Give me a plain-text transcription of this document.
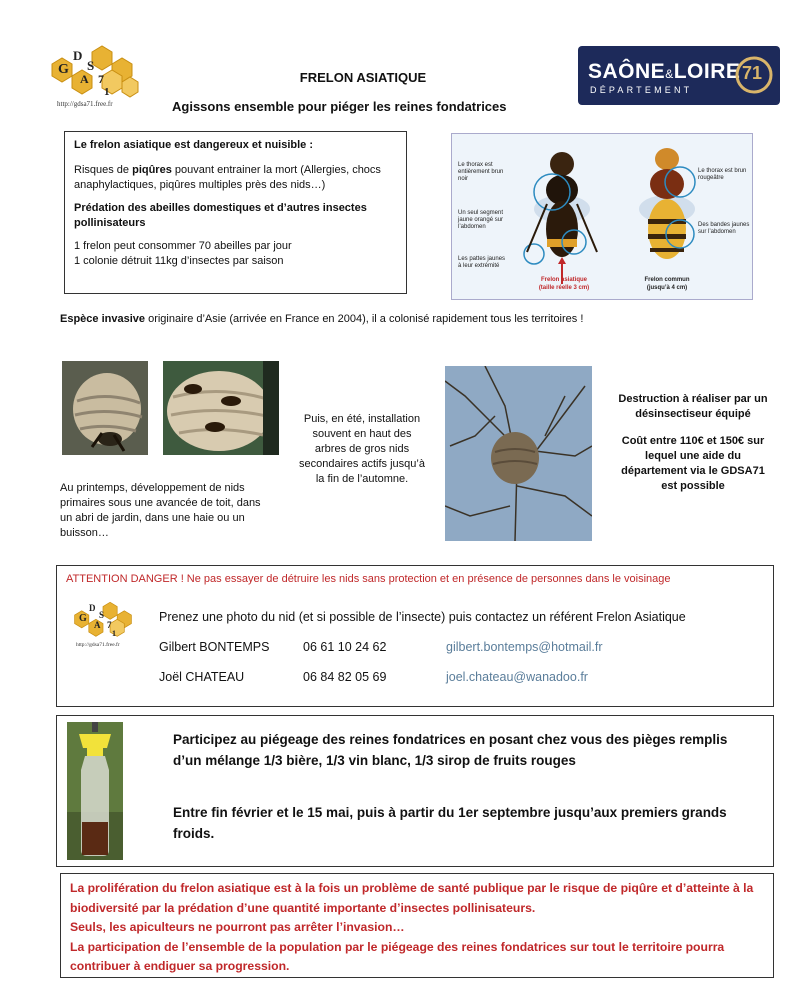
G
D
S
A 7
1
http://gdsa71.free.fr
SAÔNE&LOIRE
DÉPARTEMENT
71
FRELON ASIATIQUE
Agissons ensemble pour piéger les reines fondatrices

Le frelon asiatique est dangereux et nuisible :

Risques de piqûres pouvant entrainer la mort (Allergies, chocs anaphylactiques, piqûres multiples près des nids…)

Prédation des abeilles domestiques et d’autres insectes pollinisateurs

1 frelon peut consommer 70 abeilles par jour
1 colonie détruit 11kg d’insectes par saison
Le thorax est entièrement brun noir
Un seul segment jaune orangé sur l’abdomen
Les pattes jaunes à leur extrémité
Frelon asiatique
(taille réelle 3 cm)
Le thorax est brun rougeâtre
Des bandes jaunes sur l’abdomen
Frelon commun
(jusqu’à 4 cm)
Espèce invasive originaire d’Asie (arrivée en France en 2004), il a colonisé rapidement tous les territoires !
Au printemps, développement de nids primaires sous une avancée de toit, dans un abri de jardin, dans une haie ou un buisson…
Puis, en été, installation souvent en haut des arbres de gros nids secondaires actifs jusqu’à la fin de l’automne.
Destruction à réaliser par un désinsectiseur équipé
Coût entre 110€ et 150€ sur lequel une aide du département via le GDSA71 est possible
ATTENTION DANGER ! Ne pas essayer de détruire les nids sans protection et en présence de personnes dans le voisinage
G
D
S
A 7
1
http://gdsa71.free.fr
Prenez une photo du nid (et si possible de l’insecte) puis contactez un référent Frelon Asiatique
Gilbert BONTEMPS	06 61 10 24 62	gilbert.bontemps@hotmail.fr
Joël CHATEAU	06 84 82 05 69	joel.chateau@wanadoo.fr
Participez au piégeage des reines fondatrices en posant chez vous des pièges remplis d’un mélange 1/3 bière, 1/3 vin blanc, 1/3 sirop de fruits rouges
Entre fin février et le 15 mai, puis à partir du 1er septembre jusqu’aux premiers grands froids.
La prolifération du frelon asiatique est à la fois un problème de santé publique par le risque de piqûre et d’atteinte à la biodiversité par la prédation d’une quantité importante d’insectes pollinisateurs.
Seuls, les apiculteurs ne pourront pas arrêter l’invasion…
La participation de l’ensemble de la population par le piégeage des reines fondatrices sur tout le territoire pourra contribuer à endiguer sa progression.
